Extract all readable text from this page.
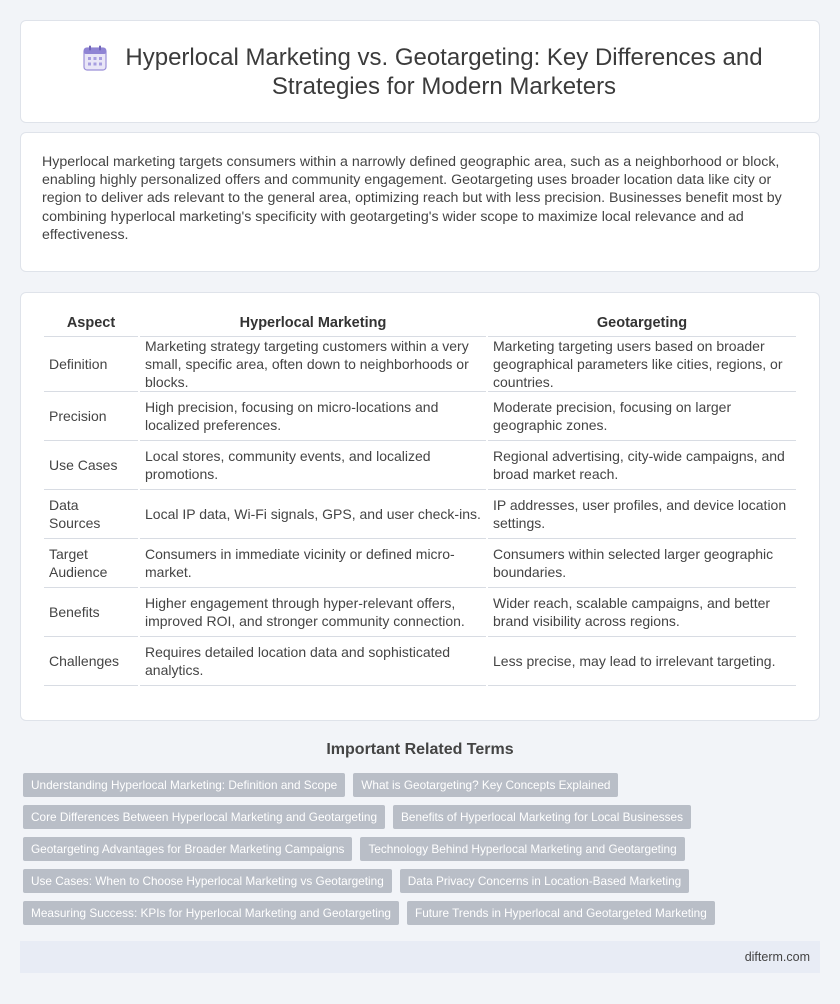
Hyperlocal Marketing vs. Geotargeting: Key Differences and Strategies for Modern Marketers

Hyperlocal marketing targets consumers within a narrowly defined geographic area, such as a neighborhood or block, enabling highly personalized offers and community engagement. Geotargeting uses broader location data like city or region to deliver ads relevant to the general area, optimizing reach but with less precision. Businesses benefit most by combining hyperlocal marketing's specificity with geotargeting's wider scope to maximize local relevance and ad effectiveness.

Aspect	Hyperlocal Marketing	Geotargeting
Definition	Marketing strategy targeting customers within a very small, specific area, often down to neighborhoods or blocks.	Marketing targeting users based on broader geographical parameters like cities, regions, or countries.
Precision	High precision, focusing on micro-locations and localized preferences.	Moderate precision, focusing on larger geographic zones.
Use Cases	Local stores, community events, and localized promotions.	Regional advertising, city-wide campaigns, and broad market reach.
Data Sources	Local IP data, Wi-Fi signals, GPS, and user check-ins.	IP addresses, user profiles, and device location settings.
Target Audience	Consumers in immediate vicinity or defined micro-market.	Consumers within selected larger geographic boundaries.
Benefits	Higher engagement through hyper-relevant offers, improved ROI, and stronger community connection.	Wider reach, scalable campaigns, and better brand visibility across regions.
Challenges	Requires detailed location data and sophisticated analytics.	Less precise, may lead to irrelevant targeting.
Important Related Terms
Understanding Hyperlocal Marketing: Definition and Scope	What is Geotargeting? Key Concepts Explained
Core Differences Between Hyperlocal Marketing and Geotargeting	Benefits of Hyperlocal Marketing for Local Businesses
Geotargeting Advantages for Broader Marketing Campaigns	Technology Behind Hyperlocal Marketing and Geotargeting
Use Cases: When to Choose Hyperlocal Marketing vs Geotargeting	Data Privacy Concerns in Location-Based Marketing
Measuring Success: KPIs for Hyperlocal Marketing and Geotargeting	Future Trends in Hyperlocal and Geotargeted Marketing
difterm.com
